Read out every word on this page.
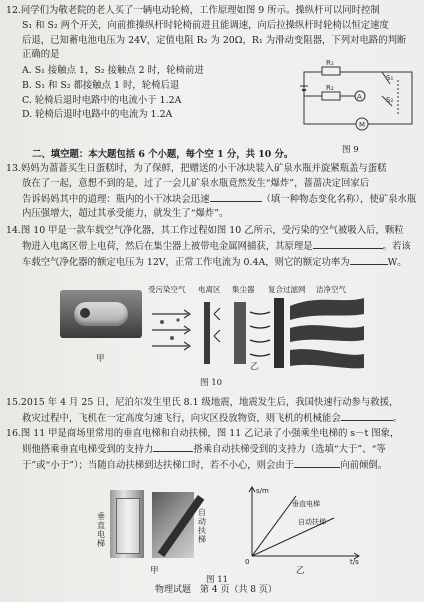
12.同学们为敬老院的老人买了一辆电动轮椅，工作原理如图 9 所示。操纵杆可以同时控制
S₁ 和 S₂ 两个开关，向前推操纵杆时轮椅前进且能调速，向后拉操纵杆时轮椅以恒定速度
后退，已知蓄电池电压为 24V，定值电阻 R₂ 为 20Ω，R₁ 为滑动变阻器，下列对电路的判断
正确的是
A. S₁ 接触点 1，S₂ 接触点 2 时，轮椅前进
B. S₁ 和 S₂ 都接触点 1 时，轮椅后退
C. 轮椅后退时电路中的电流小于 1.2A
D. 轮椅后退时电路中的电流为 1.2A
R₁
R₂
S₁
S₂
A
M
图 9
二、填空题：本大题包括 6 个小题，每个空 1 分，共 10 分。
13.妈妈为蔷蔷买生日蛋糕时，为了保鲜，把赠送的小干冰块装入矿泉水瓶并旋紧瓶盖与蛋糕
放在了一起，意想不到的是，过了一会儿矿泉水瓶竟然发生“爆炸”，蔷蔷决定回家后
告诉妈妈其中的道理：瓶内的小干冰块会迅速	（填一种物态变化名称），使矿泉水瓶
内压强增大，超过其承受能力，就发生了“爆炸”。
14.图 10 甲是一款车载空气净化器，其工作过程如图 10 乙所示，受污染的空气被吸入后，颗粒
物进入电离区带上电荷，然后在集尘器上被带电金属网捕获，其原理是	。若该
车载空气净化器的额定电压为 12V，正常工作电流为 0.4A，则它的额定功率为	W。
甲
受污染空气 电离区 集尘器 复合过滤网 洁净空气
乙
图 10
15.2015 年 4 月 25 日，尼泊尔发生里氏 8.1 级地震，地震发生后，我国快速行动参与救援，
救灾过程中，飞机在一定高度匀速飞行，向灾区投放物资，则飞机的机械能会	。
16.图 11 甲是商场里常用的垂直电梯和自动扶梯，图 11 乙记录了小强乘坐电梯的 s－t 图象，
则他搭乘垂直电梯受到的支持力	搭乘自动扶梯受到的支持力（选填“大于”、“等
于”或“小于”）；当随自动扶梯到达扶梯口时，若不小心，则会由于	向前倾倒。
垂直电梯
自动扶梯
甲
s/m
t/s
0
垂直电梯
自动扶梯
乙
图 11
物理试题　第 4 页（共 8 页）
